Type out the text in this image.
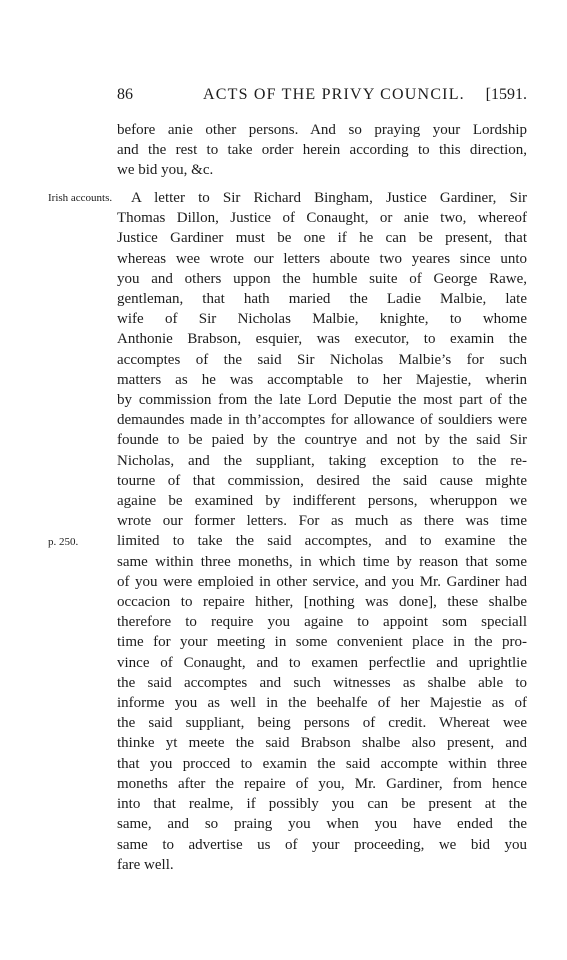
86	ACTS OF THE PRIVY COUNCIL. [1591.
before anie other persons. And so praying your Lordship
and the rest to take order herein according to this direction,
we bid you, &c.
Irish accounts.
p. 250.
A letter to Sir Richard Bingham, Justice Gardiner, Sir
Thomas Dillon, Justice of Conaught, or anie two, whereof
Justice Gardiner must be one if he can be present, that
whereas wee wrote our letters aboute two yeares since unto
you and others uppon the humble suite of George Rawe,
gentleman, that hath maried the Ladie Malbie, late
wife of Sir Nicholas Malbie, knighte, to whome
Anthonie Brabson, esquier, was executor, to examin the
accomptes of the said Sir Nicholas Malbie’s for such
matters as he was accomptable to her Majestie, wherin
by commission from the late Lord Deputie the most part of the
demaundes made in th’accomptes for allowance of souldiers were
founde to be paied by the countrye and not by the said Sir
Nicholas, and the suppliant, taking exception to the re-
tourne of that commission, desired the said cause mighte
againe be examined by indifferent persons, wheruppon we
wrote our former letters. For as much as there was time
limited to take the said accomptes, and to examine the
same within three moneths, in which time by reason that some
of you were emploied in other service, and you Mr. Gardiner had
occacion to repaire hither, [nothing was done], these shalbe
therefore to require you againe to appoint som speciall
time for your meeting in some convenient place in the pro-
vince of Conaught, and to examen perfectlie and uprightlie
the said accomptes and such witnesses as shalbe able to
informe you as well in the beehalfe of her Majestie as of
the said suppliant, being persons of credit. Whereat wee
thinke yt meete the said Brabson shalbe also present, and
that you procced to examin the said accompte within three
moneths after the repaire of you, Mr. Gardiner, from hence
into that realme, if possibly you can be present at the
same, and so praing you when you have ended the
same to advertise us of your proceeding, we bid you
fare well.
